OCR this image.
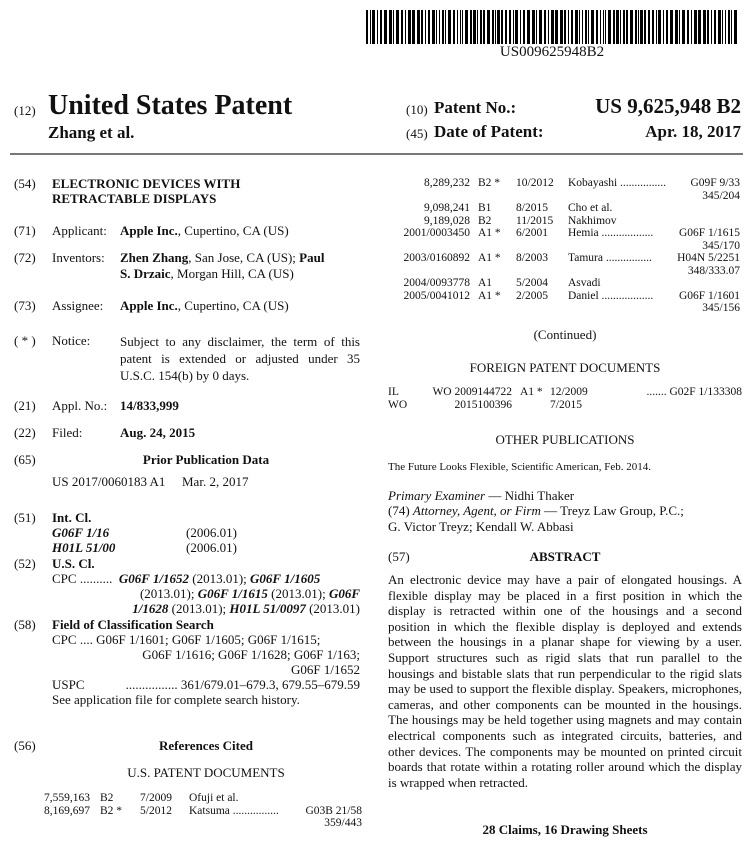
US009625948B2
(12) United States Patent
Zhang et al.
(10) Patent No.:	US 9,625,948 B2
(45) Date of Patent:	Apr. 18, 2017
(54) ELECTRONIC DEVICES WITH
RETRACTABLE DISPLAYS
(71) Applicant: Apple Inc., Cupertino, CA (US)
(72) Inventors: Zhen Zhang, San Jose, CA (US); Paul
S. Drzaic, Morgan Hill, CA (US)
(73) Assignee: Apple Inc., Cupertino, CA (US)
( * ) Notice: Subject to any disclaimer, the term of this patent is extended or adjusted under 35 U.S.C. 154(b) by 0 days.
(21) Appl. No.: 14/833,999
(22) Filed:	Aug. 24, 2015
(65)	Prior Publication Data
US 2017/0060183 A1 Mar. 2, 2017
(51) Int. Cl.
G06F 1/16	(2006.01)
H01L 51/00	(2006.01)
(52) U.S. Cl.
CPC .......... G06F 1/1652 (2013.01); G06F 1/1605
(2013.01); G06F 1/1615 (2013.01); G06F
1/1628 (2013.01); H01L 51/0097 (2013.01)
(58) Field of Classification Search
CPC .... G06F 1/1601; G06F 1/1605; G06F 1/1615;
G06F 1/1616; G06F 1/1628; G06F 1/163;
G06F 1/1652
USPC	................ 361/679.01–679.3, 679.55–679.59
See application file for complete search history.
(56)	References Cited
U.S. PATENT DOCUMENTS
7,559,163 B2 7/2009 Ofuji et al.
8,169,697 B2 * 5/2012 Katsuma ................ G03B 21/58
359/443
8,289,232 B2 * 10/2012 Kobayashi ................ G09F 9/33
345/204
9,098,241 B1 8/2015 Cho et al.
9,189,028 B2 11/2015 Nakhimov
2001/0003450 A1 * 6/2001 Hemia .................. G06F 1/1615
345/170
2003/0160892 A1 * 8/2003 Tamura ................ H04N 5/2251
348/333.07
2004/0093778 A1 5/2004 Asvadi
2005/0041012 A1 * 2/2005 Daniel .................. G06F 1/1601
345/156
(Continued)
FOREIGN PATENT DOCUMENTS
IL	WO 2009144722 A1 * 12/2009	....... G02F 1/133308
WO	2015100396	7/2015
OTHER PUBLICATIONS
The Future Looks Flexible, Scientific American, Feb. 2014.
Primary Examiner — Nidhi Thaker
(74) Attorney, Agent, or Firm — Treyz Law Group, P.C.;
G. Victor Treyz; Kendall W. Abbasi
(57)	ABSTRACT
An electronic device may have a pair of elongated housings. A flexible display may be placed in a first position in which the display is retracted within one of the housings and a second position in which the flexible display is deployed and extends between the housings in a planar shape for viewing by a user. Support structures such as rigid slats that run parallel to the housings and bistable slats that run perpendicular to the rigid slats may be used to support the flexible display. Speakers, microphones, cameras, and other components can be mounted in the housings. The housings may be held together using magnets and may contain electrical components such as integrated circuits, batteries, and other devices. The components may be mounted on printed circuit boards that rotate within a rotating roller around which the display is wrapped when retracted.
28 Claims, 16 Drawing Sheets
